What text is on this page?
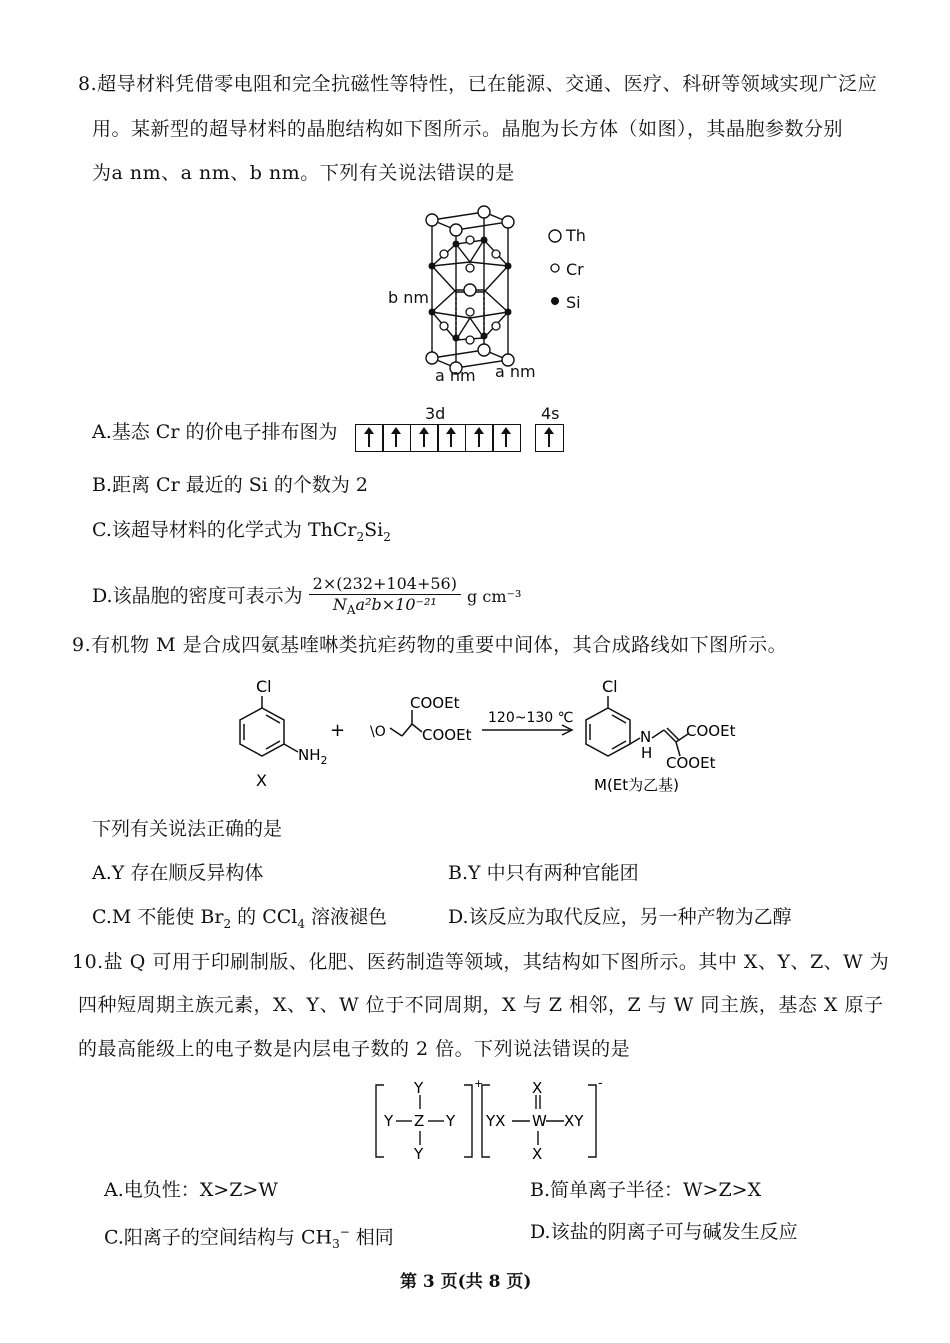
8.超导材料凭借零电阻和完全抗磁性等特性，已在能源、交通、医疗、科研等领域实现广泛应
用。某新型的超导材料的晶胞结构如下图所示。晶胞为长方体（如图），其晶胞参数分别
为a nm、a nm、b nm。下列有关说法错误的是
b nm
a nm a nm
Th
Cr
Si
A.基态 Cr 的价电子排布图为
3d	4s
B.距离 Cr 最近的 Si 的个数为 2
C.该超导材料的化学式为 $ThCr_2Si_2$
D.该晶胞的密度可表示为 $\frac{2\times(232+104+56)}{N_Aa^2b\times 10^{-21}}$ g cm⁻³
9.有机物 M 是合成四氨基喹啉类抗疟药物的重要中间体，其合成路线如下图所示。
Cl
$NH_2$
X
+ \O
COOEt
COOEt
120~130 ℃
Cl
N
H
COOEt
COOEt
M(Et为乙基)
下列有关说法正确的是
A.Y 存在顺反异构体	B.Y 中只有两种官能团
C.M 不能使 $Br_2$ 的 CCl$_4$ 溶液褪色	D.该反应为取代反应，另一种产物为乙醇
10.盐 Q 可用于印刷制版、化肥、医药制造等领域，其结构如下图所示。其中 X、Y、Z、W 为
四种短周期主族元素，X、Y、W 位于不同周期，X 与 Z 相邻，Z 与 W 同主族，基态 X 原子
的最高能级上的电子数是内层电子数的 2 倍。下列说法错误的是
Y
Y Z Y
Y
+	X
YX W XY
X
-
A.电负性：X>Z>W	B.简单离子半径：W>Z>X
C.阳离子的空间结构与 $CH_3^-$ 相同	D.该盐的阴离子可与碱发生反应
第 3 页(共 8 页)
